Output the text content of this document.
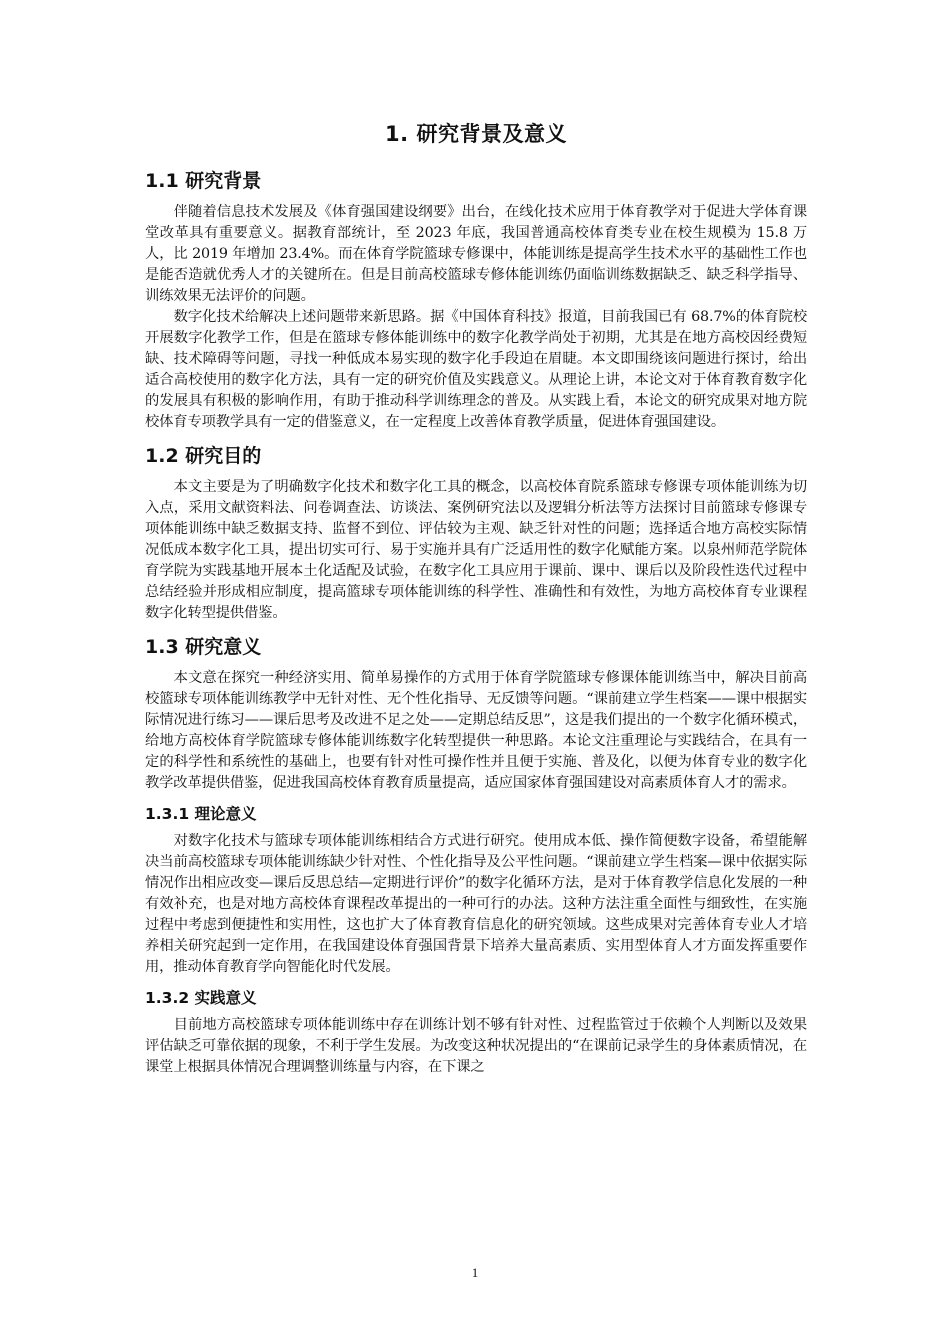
1. 研究背景及意义
1.1 研究背景

伴随着信息技术发展及《体育强国建设纲要》出台，在线化技术应用于体育教学对于促进大学体育课堂改革具有重要意义。据教育部统计，至 2023 年底，我国普通高校体育类专业在校生规模为 15.8 万人，比 2019 年增加 23.4%。而在体育学院篮球专修课中，体能训练是提高学生技术水平的基础性工作也是能否造就优秀人才的关键所在。但是目前高校篮球专修体能训练仍面临训练数据缺乏、缺乏科学指导、训练效果无法评价的问题。

数字化技术给解决上述问题带来新思路。据《中国体育科技》报道，目前我国已有 68.7%的体育院校开展数字化教学工作，但是在篮球专修体能训练中的数字化教学尚处于初期，尤其是在地方高校因经费短缺、技术障碍等问题，寻找一种低成本易实现的数字化手段迫在眉睫。本文即围绕该问题进行探讨，给出适合高校使用的数字化方法，具有一定的研究价值及实践意义。从理论上讲，本论文对于体育教育数字化的发展具有积极的影响作用，有助于推动科学训练理念的普及。从实践上看，本论文的研究成果对地方院校体育专项教学具有一定的借鉴意义，在一定程度上改善体育教学质量，促进体育强国建设。

1.2 研究目的

本文主要是为了明确数字化技术和数字化工具的概念，以高校体育院系篮球专修课专项体能训练为切入点，采用文献资料法、问卷调查法、访谈法、案例研究法以及逻辑分析法等方法探讨目前篮球专修课专项体能训练中缺乏数据支持、监督不到位、评估较为主观、缺乏针对性的问题；选择适合地方高校实际情况低成本数字化工具，提出切实可行、易于实施并具有广泛适用性的数字化赋能方案。以泉州师范学院体育学院为实践基地开展本土化适配及试验，在数字化工具应用于课前、课中、课后以及阶段性迭代过程中总结经验并形成相应制度，提高篮球专项体能训练的科学性、准确性和有效性，为地方高校体育专业课程数字化转型提供借鉴。

1.3 研究意义

本文意在探究一种经济实用、简单易操作的方式用于体育学院篮球专修课体能训练当中，解决目前高校篮球专项体能训练教学中无针对性、无个性化指导、无反馈等问题。“课前建立学生档案——课中根据实际情况进行练习——课后思考及改进不足之处——定期总结反思”，这是我们提出的一个数字化循环模式，给地方高校体育学院篮球专修体能训练数字化转型提供一种思路。本论文注重理论与实践结合，在具有一定的科学性和系统性的基础上，也要有针对性可操作性并且便于实施、普及化，以便为体育专业的数字化教学改革提供借鉴，促进我国高校体育教育质量提高，适应国家体育强国建设对高素质体育人才的需求。

1.3.1 理论意义

对数字化技术与篮球专项体能训练相结合方式进行研究。使用成本低、操作简便数字设备，希望能解决当前高校篮球专项体能训练缺少针对性、个性化指导及公平性问题。“课前建立学生档案—课中依据实际情况作出相应改变—课后反思总结—定期进行评价”的数字化循环方法，是对于体育教学信息化发展的一种有效补充，也是对地方高校体育课程改革提出的一种可行的办法。这种方法注重全面性与细致性，在实施过程中考虑到便捷性和实用性，这也扩大了体育教育信息化的研究领域。这些成果对完善体育专业人才培养相关研究起到一定作用，在我国建设体育强国背景下培养大量高素质、实用型体育人才方面发挥重要作用，推动体育教育学向智能化时代发展。

1.3.2 实践意义

目前地方高校篮球专项体能训练中存在训练计划不够有针对性、过程监管过于依赖个人判断以及效果评估缺乏可靠依据的现象，不利于学生发展。为改变这种状况提出的“在课前记录学生的身体素质情况，在课堂上根据具体情况合理调整训练量与内容，在下课之

1
